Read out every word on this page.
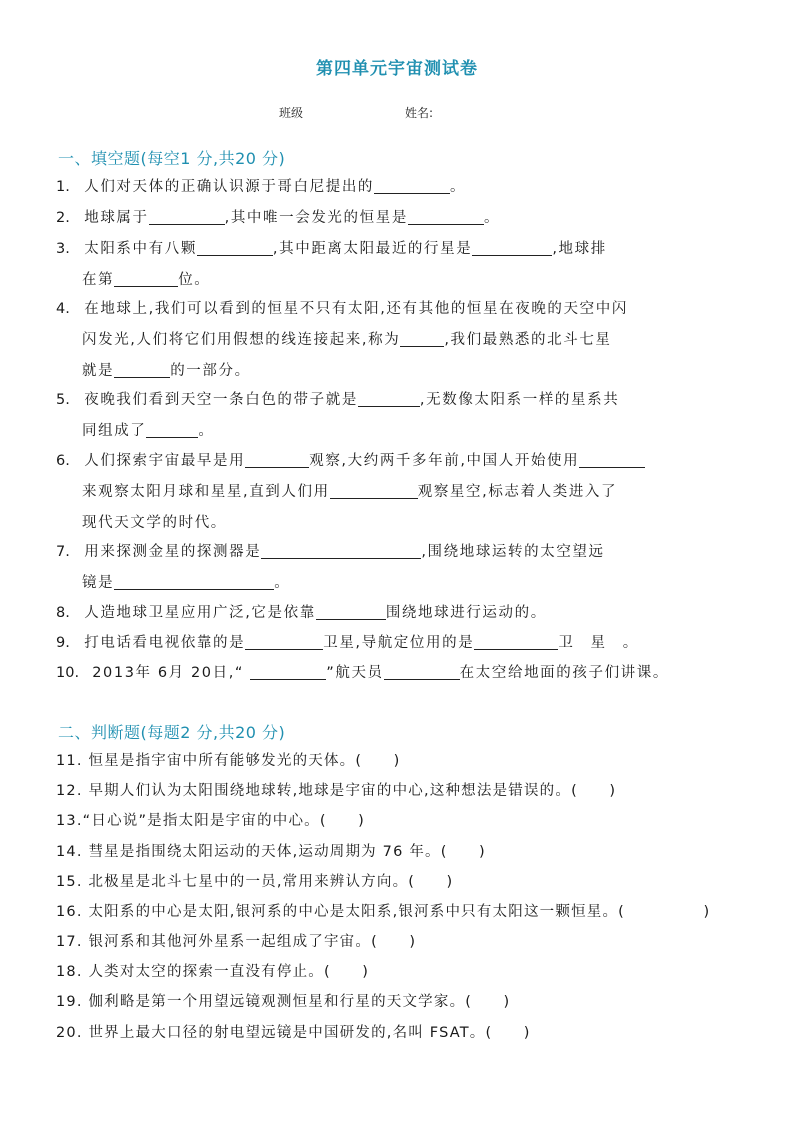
第四单元宇宙测试卷
班级	姓名:
一、填空题(每空1 分,共20 分)
1. 人们对天体的正确认识源于哥白尼提出的	。
2. 地球属于	,其中唯一会发光的恒星是	。
3. 太阳系中有八颗	,其中距离太阳最近的行星是	,地球排
在第	位。
4. 在地球上,我们可以看到的恒星不只有太阳,还有其他的恒星在夜晚的天空中闪
闪发光,人们将它们用假想的线连接起来,称为	,我们最熟悉的北斗七星
就是	的一部分。
5. 夜晚我们看到天空一条白色的带子就是	,无数像太阳系一样的星系共
同组成了	。
6. 人们探索宇宙最早是用	观察,大约两千多年前,中国人开始使用
来观察太阳月球和星星,直到人们用	观察星空,标志着人类进入了
现代天文学的时代。
7. 用来探测金星的探测器是	,围绕地球运转的太空望远
镜是	。
8. 人造地球卫星应用广泛,它是依靠	围绕地球进行运动的。
9. 打电话看电视依靠的是	卫星,导航定位用的是	卫　星　。
10. 2013年 6月 20日,“	”航天员	在太空给地面的孩子们讲课。
二、判断题(每题2 分,共20 分)
11. 恒星是指宇宙中所有能够发光的天体。(　　)
12. 早期人们认为太阳围绕地球转,地球是宇宙的中心,这种想法是错误的。(　　)
13.“日心说”是指太阳是宇宙的中心。(　　)
14. 彗星是指围绕太阳运动的天体,运动周期为 76 年。(　　)
15. 北极星是北斗七星中的一员,常用来辨认方向。(　　)
16. 太阳系的中心是太阳,银河系的中心是太阳系,银河系中只有太阳这一颗恒星。(　　　　　)
17. 银河系和其他河外星系一起组成了宇宙。(　　)
18. 人类对太空的探索一直没有停止。(　　)
19. 伽利略是第一个用望远镜观测恒星和行星的天文学家。(　　)
20. 世界上最大口径的射电望远镜是中国研发的,名叫 FSAT。(　　)
